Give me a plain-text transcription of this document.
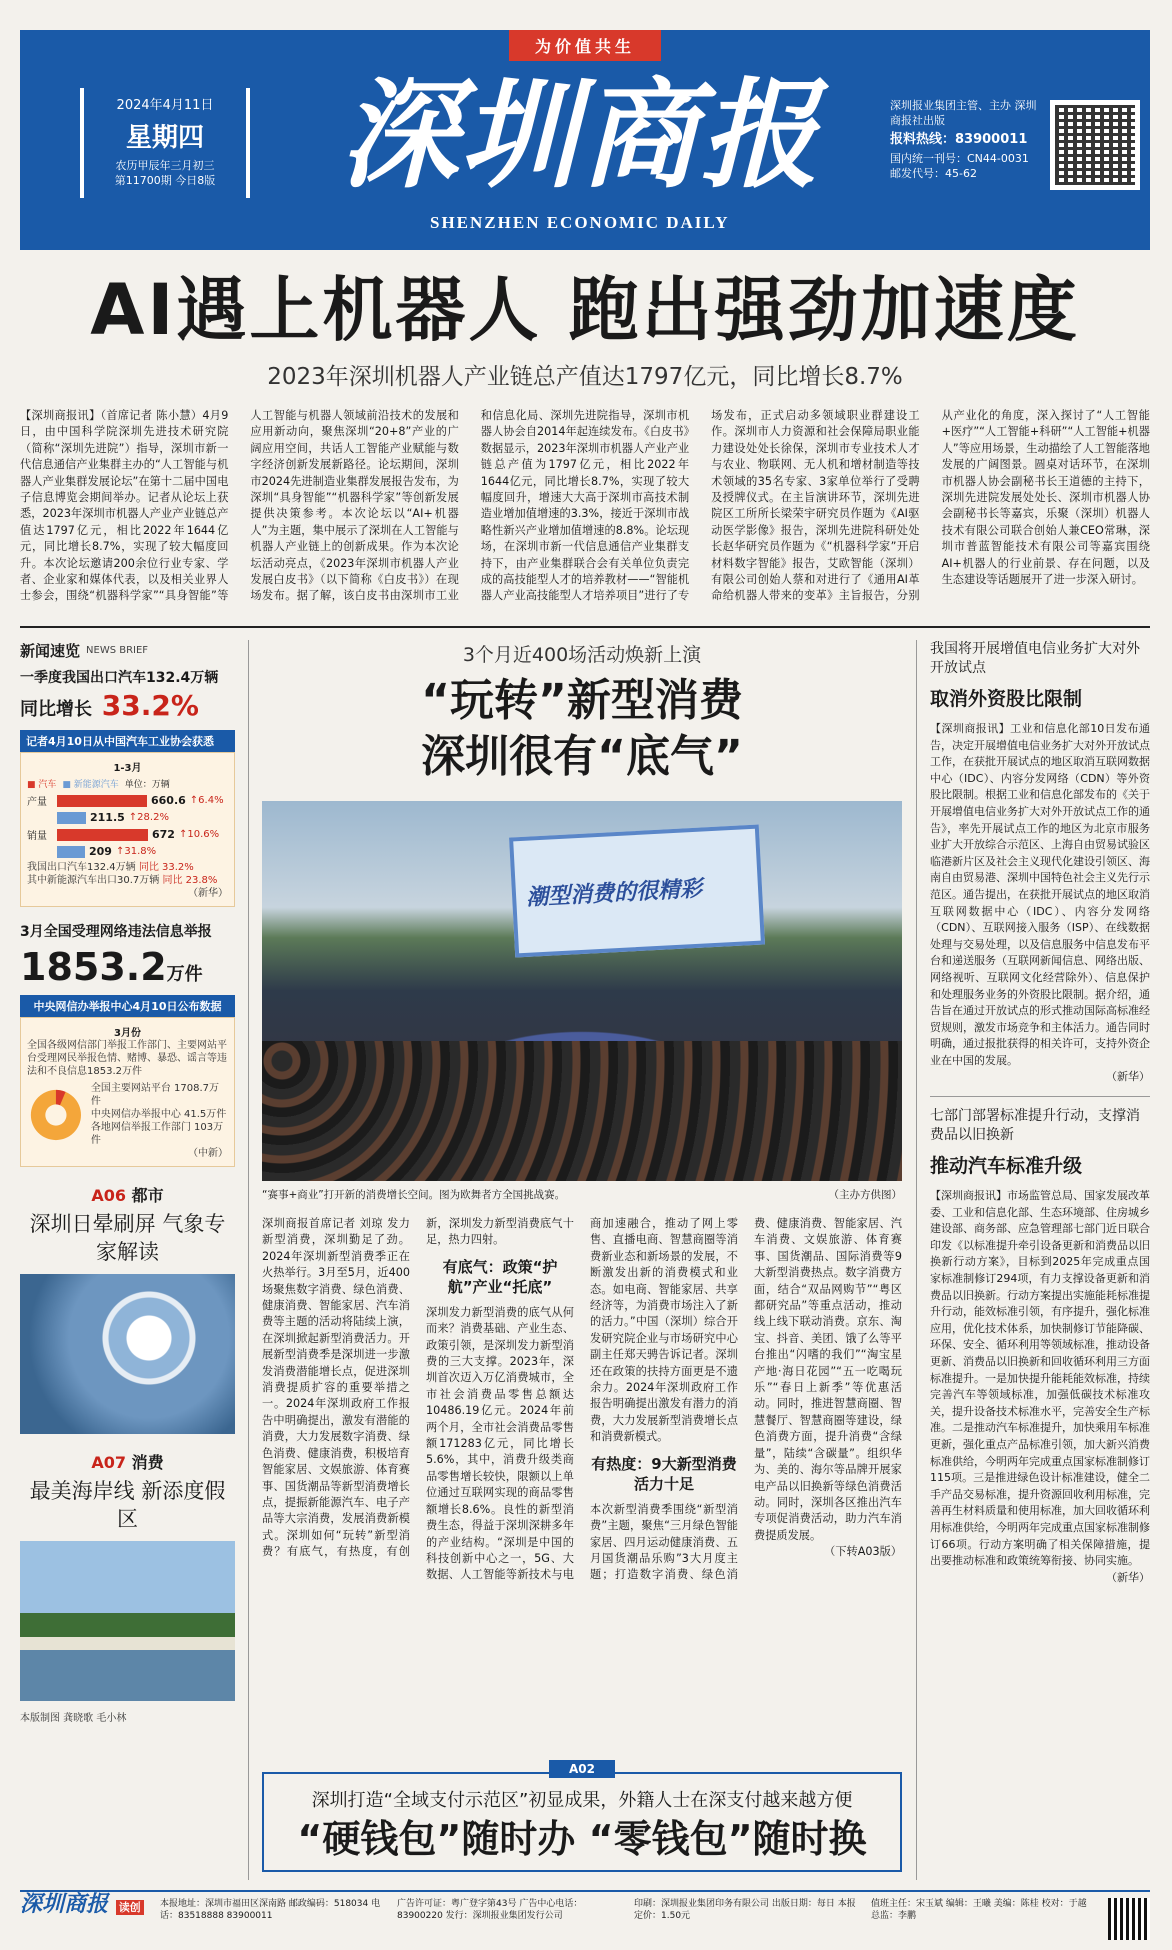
为价值共生
2024年4月11日
星期四
农历甲辰年三月初三
第11700期 今日8版 深圳商报
SHENZHEN ECONOMIC DAILY
深圳报业集团主管、主办 深圳商报社出版
报料热线：83900011
国内统一刊号：CN44-0031
邮发代号：45-62
AI遇上机器人 跑出强劲加速度
2023年深圳机器人产业链总产值达1797亿元，同比增长8.7%
【深圳商报讯】（首席记者 陈小慧）4月9日，由中国科学院深圳先进技术研究院（简称“深圳先进院”）指导，深圳市新一代信息通信产业集群主办的“人工智能与机器人产业集群发展论坛”在第十二届中国电子信息博览会期间举办。记者从论坛上获悉，2023年深圳市机器人产业产业链总产值达1797亿元，相比2022年1644亿元，同比增长8.7%，实现了较大幅度回升。本次论坛邀请200余位行业专家、学者、企业家和媒体代表，以及相关业界人士参会，围绕“机器科学家”“具身智能”等人工智能与机器人领域前沿技术的发展和应用新动向，聚焦深圳“20+8”产业的广阔应用空间，共话人工智能产业赋能与数字经济创新发展新路径。论坛期间，深圳市2024先进制造业集群发展报告发布，为深圳“具身智能”“机器科学家”等创新发展提供决策参考。本次论坛以“AI+机器人”为主题，集中展示了深圳在人工智能与机器人产业链上的创新成果。作为本次论坛活动亮点，《2023年深圳市机器人产业发展白皮书》（以下简称《白皮书》）在现场发布。据了解，该白皮书由深圳市工业和信息化局、深圳先进院指导，深圳市机器人协会自2014年起连续发布。《白皮书》数据显示，2023年深圳市机器人产业产业链总产值为1797亿元，相比2022年1644亿元，同比增长8.7%，实现了较大幅度回升，增速大大高于深圳市高技术制造业增加值增速的3.3%，接近于深圳市战略性新兴产业增加值增速的8.8%。论坛现场，在深圳市新一代信息通信产业集群支持下，由产业集群联合会有关单位负责完成的高技能型人才的培养教材——“智能机器人产业高技能型人才培养项目”进行了专场发布，正式启动多领域职业群建设工作。深圳市人力资源和社会保障局职业能力建设处处长徐保，深圳市专业技术人才与农业、物联网、无人机和增材制造等技术领域的35名专家、3家单位举行了受聘及授牌仪式。在主旨演讲环节，深圳先进院区工所所长梁荣宇研究员作题为《AI驱动医学影像》报告，深圳先进院科研处处长赵华研究员作题为《“机器科学家”开启材料数字智能》报告，艾欧智能（深圳）有限公司创始人蔡和对进行了《通用AI革命给机器人带来的变革》主旨报告，分别从产业化的角度，深入探讨了“人工智能+医疗”“人工智能+科研”“人工智能+机器人”等应用场景，生动描绘了人工智能落地发展的广阔图景。圆桌对话环节，在深圳市机器人协会副秘书长王道德的主持下，深圳先进院发展处处长、深圳市机器人协会副秘书长等嘉宾，乐聚（深圳）机器人技术有限公司联合创始人兼CEO常琳，深圳市普蓝智能技术有限公司等嘉宾围绕AI+机器人的行业前景、存在问题，以及生态建设等话题展开了进一步深入研讨。
新闻速览 NEWS BRIEF
一季度我国出口汽车132.4万辆
同比增长 33.2%
记者4月10日从中国汽车工业协会获悉
1-3月
■ 汽车 ■ 新能源汽车 单位：万辆
产量	660.6 ↑6.4%
211.5 ↑28.2%
销量	672 ↑10.6%
209 ↑31.8%
我国出口汽车132.4万辆 同比 33.2%
其中新能源汽车出口30.7万辆 同比 23.8%
（新华）
3月全国受理网络违法信息举报
1853.2万件
中央网信办举报中心4月10日公布数据
3月份
全国各级网信部门举报工作部门、主要网站平台受理网民举报色情、赌博、暴恐、谣言等违法和不良信息1853.2万件
全国主要网站平台 1708.7万件
中央网信办举报中心 41.5万件
各地网信举报工作部门 103万件
（中新）
A06 都市
深圳日晕刷屏 气象专家解读
A07 消费
最美海岸线 新添度假区
本版制图 龚晓歌 毛小林
3个月近400场活动焕新上演
“玩转”新型消费
深圳很有“底气”
潮型消费的很精彩
“赛事+商业”打开新的消费增长空间。图为欧舞者方全国挑战赛。	（主办方供图）

深圳商报首席记者 刘琼 发力新型消费，深圳勤足了劲。2024年深圳新型消费季正在火热举行。3月至5月，近400场聚焦数字消费、绿色消费、健康消费、智能家居、汽车消费等主题的活动将陆续上演，在深圳掀起新型消费活力。开展新型消费季是深圳进一步激发消费潜能增长点，促进深圳消费提质扩容的重要举措之一。2024年深圳政府工作报告中明确提出，激发有潜能的消费，大力发展数字消费、绿色消费、健康消费，积极培育智能家居、文娱旅游、体育赛事、国货潮品等新型消费增长点，提振新能源汽车、电子产品等大宗消费，发展消费新模式。深圳如何“玩转”新型消费？有底气，有热度，有创新，深圳发力新型消费底气十足，热力四射。

有底气：政策“护航”产业“托底”

深圳发力新型消费的底气从何而来？消费基础、产业生态、政策引领，是深圳发力新型消费的三大支撑。2023年，深圳首次迈入万亿消费城市，全市社会消费品零售总额达10486.19亿元。2024年前两个月，全市社会消费品零售额171283亿元，同比增长5.6%，其中，消费升级类商品零售增长较快，限额以上单位通过互联网实现的商品零售额增长8.6%。良性的新型消费生态，得益于深圳深耕多年的产业结构。“深圳是中国的科技创新中心之一，5G、大数据、人工智能等新技术与电商加速融合，推动了网上零售、直播电商、智慧商圈等消费新业态和新场景的发展，不断激发出新的消费模式和业态。如电商、智能家居、共享经济等，为消费市场注入了新的活力。”中国（深圳）综合开发研究院企业与市场研究中心副主任郑天骋告诉记者。深圳还在政策的扶持方面更是不遗余力。2024年深圳政府工作报告明确提出激发有潜力的消费，大力发展新型消费增长点和消费新模式。

有热度：9大新型消费活力十足

本次新型消费季围绕“新型消费”主题，聚焦“三月绿色智能家居、四月运动健康消费、五月国货潮品乐购”3大月度主题；打造数字消费、绿色消费、健康消费、智能家居、汽车消费、文娱旅游、体育赛事、国货潮品、国际消费等9大新型消费热点。数字消费方面，结合“双品网购节”“粤区都研究品”等重点活动，推动线上线下联动消费。京东、淘宝、抖音、美团、饿了么等平台推出“闪嗜的我们”“淘宝星产地·海日花园”“五一吃喝玩乐”“春日上新季”等优惠活动。同时，推进智慧商圈、智慧餐厅、智慧商圈等建设，绿色消费方面，提升消费“含绿量”，陆续“含碳量”。组织华为、美的、海尔等品牌开展家电产品以旧换新等绿色消费活动。同时，深圳各区推出汽车专项促消费活动，助力汽车消费提质发展。

（下转A03版）

深圳打造“全域支付示范区”初显成果，外籍人士在深支付越来越方便
“硬钱包”随时办 “零钱包”随时换
A02
我国将开展增值电信业务扩大对外开放试点
取消外资股比限制
【深圳商报讯】工业和信息化部10日发布通告，决定开展增值电信业务扩大对外开放试点工作，在获批开展试点的地区取消互联网数据中心（IDC）、内容分发网络（CDN）等外资股比限制。根据工业和信息化部发布的《关于开展增值电信业务扩大对外开放试点工作的通告》，率先开展试点工作的地区为北京市服务业扩大开放综合示范区、上海自由贸易试验区临港新片区及社会主义现代化建设引领区、海南自由贸易港、深圳中国特色社会主义先行示范区。通告提出，在获批开展试点的地区取消互联网数据中心（IDC）、内容分发网络（CDN）、互联网接入服务（ISP）、在线数据处理与交易处理，以及信息服务中信息发布平台和递送服务（互联网新闻信息、网络出版、网络视听、互联网文化经营除外）、信息保护和处理服务业务的外资股比限制。据介绍，通告旨在通过开放试点的形式推动国际高标准经贸规则，激发市场竞争和主体活力。通告同时明确，通过报批获得的相关许可，支持外资企业在中国的发展。
（新华）
七部门部署标准提升行动，支撑消费品以旧换新
推动汽车标准升级
【深圳商报讯】市场监管总局、国家发展改革委、工业和信息化部、生态环境部、住房城乡建设部、商务部、应急管理部七部门近日联合印发《以标准提升牵引设备更新和消费品以旧换新行动方案》，目标到2025年完成重点国家标准制修订294项，有力支撑设备更新和消费品以旧换新。行动方案提出实施能耗标准提升行动，能效标准引领，有序提升，强化标准应用，优化技术体系，加快制修订节能降碳、环保、安全、循环利用等领域标准，推动设备更新、消费品以旧换新和回收循环利用三方面标准提升。一是加快提升能耗能效标准，持续完善汽车等领域标准，加强低碳技术标准攻关，提升设备技术标准水平，完善安全生产标准。二是推动汽车标准提升，加快乘用车标准更新，强化重点产品标准引领，加大新兴消费标准供给，今明两年完成重点国家标准制修订115项。三是推进绿色设计标准建设，健全二手产品交易标准，提升资源回收利用标准，完善再生材料质量和使用标准，加大回收循环利用标准供给，今明两年完成重点国家标准制修订66项。行动方案明确了相关保障措施，提出要推动标准和政策统筹衔接、协同实施。
（新华）
深圳商报 读创	本报地址：深圳市福田区深南路 邮政编码：518034 电话：83518888 83900011
广告许可证：粤广登字第43号 广告中心电话：83900220 发行：深圳报业集团发行公司
印刷：深圳报业集团印务有限公司 出版日期：每日 本报定价：1.50元
值班主任：宋玉斌 编辑：王曦 美编：陈桂 校对：于越 总监：李鹏
